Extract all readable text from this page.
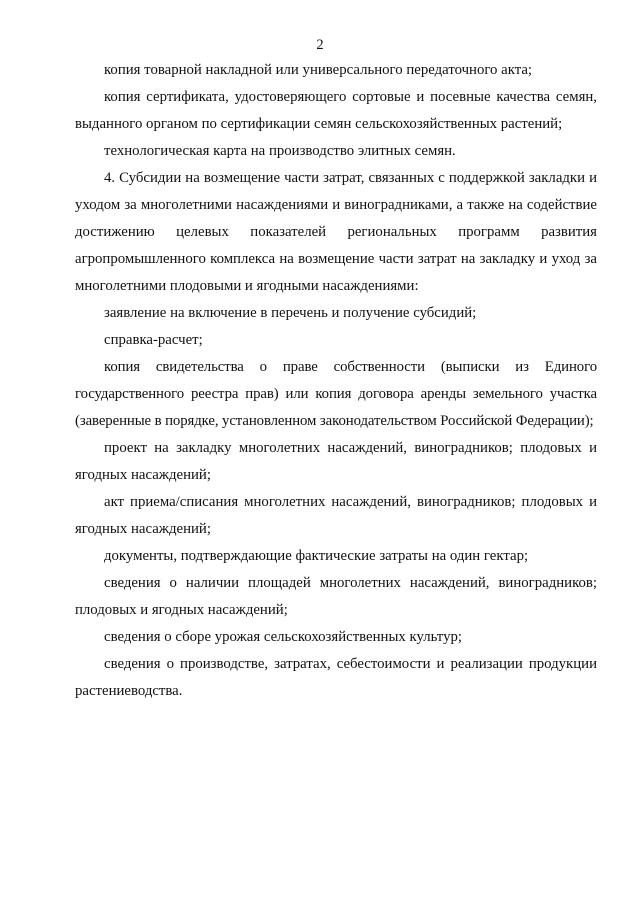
2

копия товарной накладной или универсального передаточного акта;

копия сертификата, удостоверяющего сортовые и посевные качества семян, выданного органом по сертификации семян сельскохозяйственных растений;

технологическая карта на производство элитных семян.

4. Субсидии на возмещение части затрат, связанных с поддержкой закладки и уходом за многолетними насаждениями и виноградниками, а также на содействие достижению целевых показателей региональных программ развития агропромышленного комплекса на возмещение части затрат на закладку и уход за многолетними плодовыми и ягодными насаждениями:

заявление на включение в перечень и получение субсидий;

справка-расчет;

копия свидетельства о праве собственности (выписки из Единого государственного реестра прав) или копия договора аренды земельного участка (заверенные в порядке, установленном законодательством Российской Федерации);

проект на закладку многолетних насаждений, виноградников; плодовых и ягодных насаждений;

акт приема/списания многолетних насаждений, виноградников; плодовых и ягодных насаждений;

документы, подтверждающие фактические затраты на один гектар;

сведения о наличии площадей многолетних насаждений, виноградников; плодовых и ягодных насаждений;

сведения о сборе урожая сельскохозяйственных культур;

сведения о производстве, затратах, себестоимости и реализации продукции растениеводства.
